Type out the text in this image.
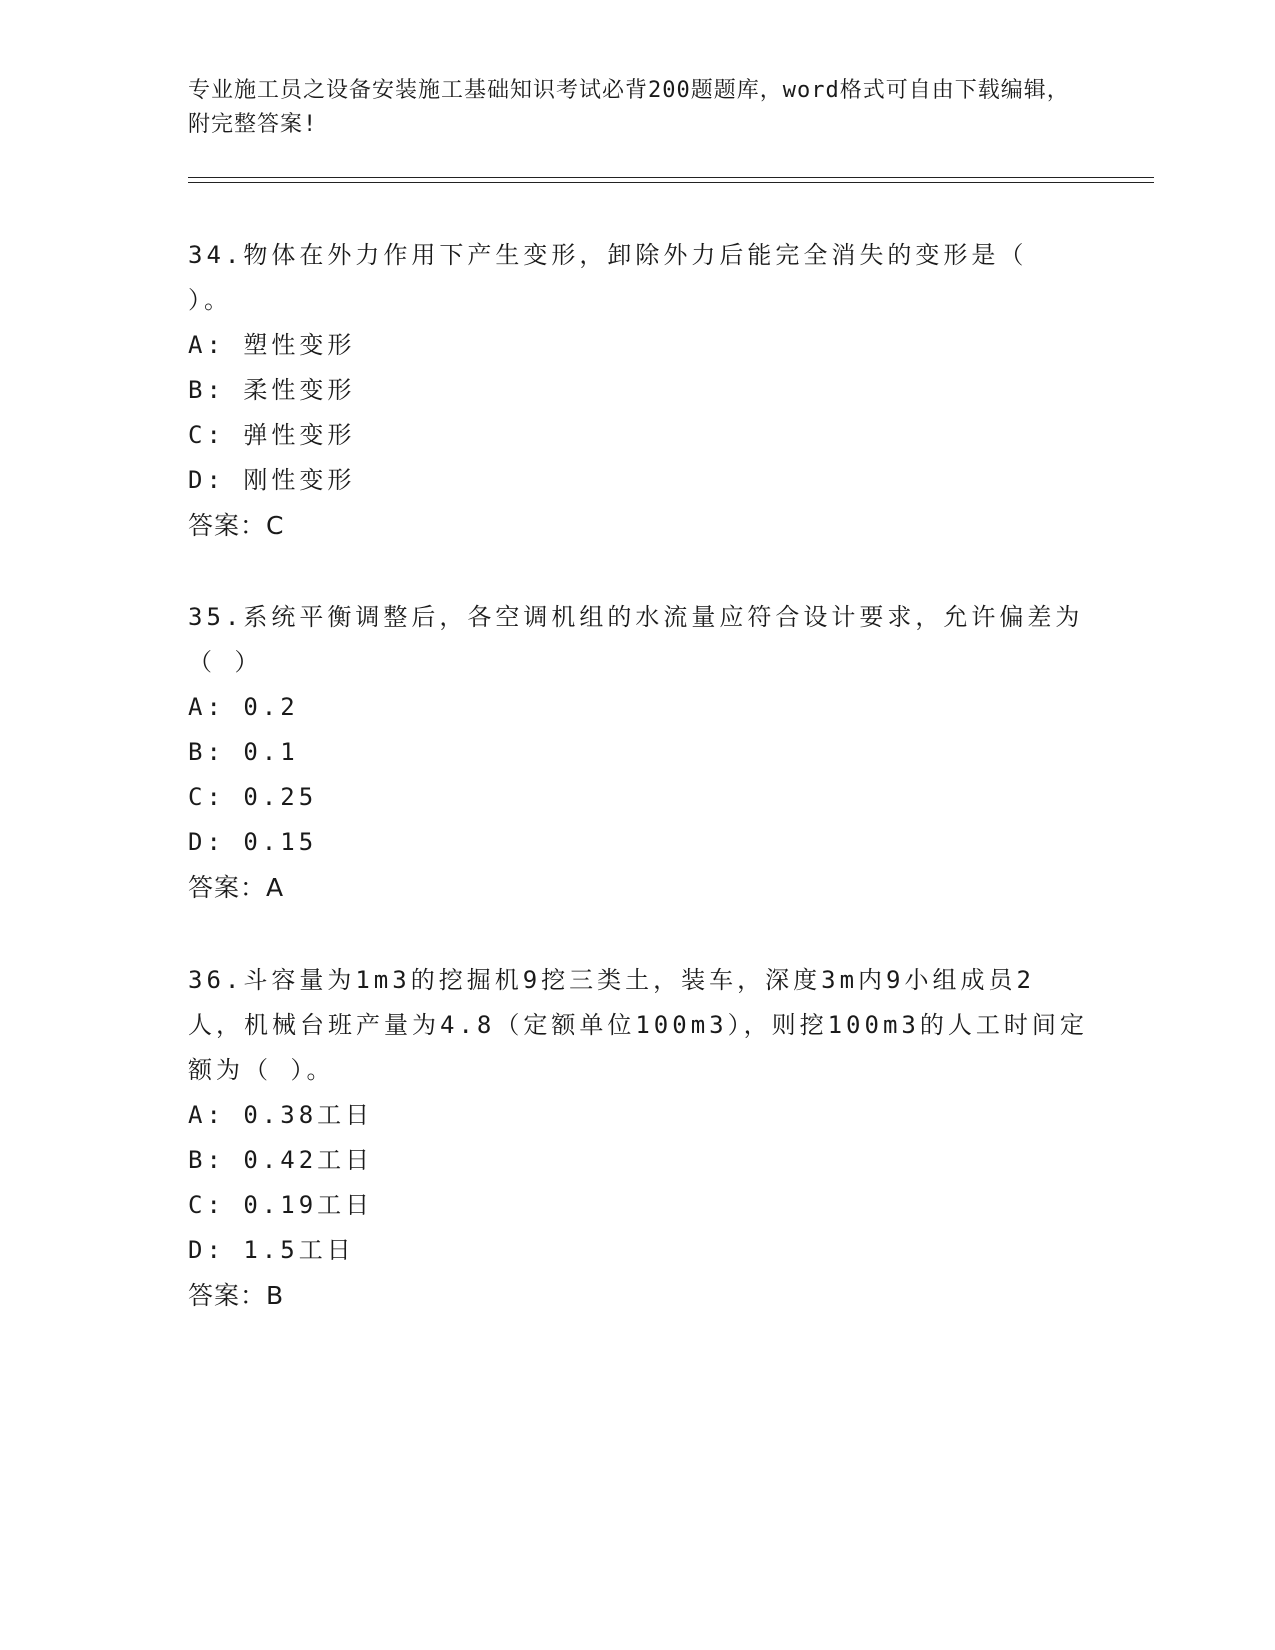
专业施工员之设备安装施工基础知识考试必背200题题库，word格式可自由下载编辑，附完整答案!

34.物体在外力作用下产生变形，卸除外力后能完全消失的变形是（ ）。

A: 塑性变形

B: 柔性变形

C: 弹性变形

D: 刚性变形

答案：C

35.系统平衡调整后，各空调机组的水流量应符合设计要求，允许偏差为（ ）

A: 0.2

B: 0.1

C: 0.25

D: 0.15

答案：A

36.斗容量为1m3的挖掘机9挖三类土，装车，深度3m内9小组成员2人，机械台班产量为4.8（定额单位100m3），则挖100m3的人工时间定额为（ ）。

A: 0.38工日

B: 0.42工日

C: 0.19工日

D: 1.5工日

答案：B
